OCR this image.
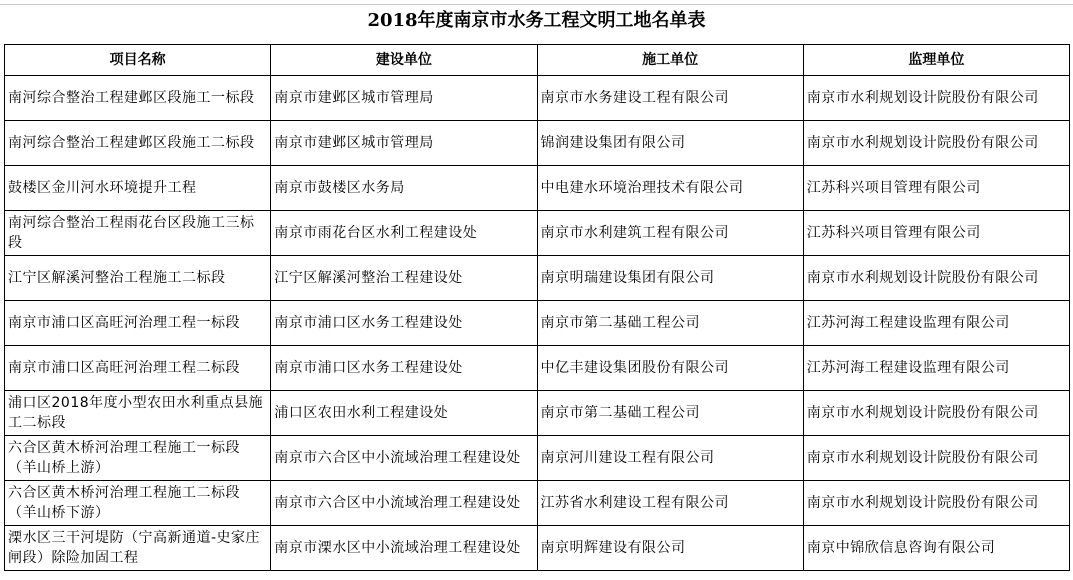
2018年度南京市水务工程文明工地名单表
项目名称	建设单位	施工单位	监理单位
南河综合整治工程建邺区段施工一标段	南京市建邺区城市管理局	南京市水务建设工程有限公司	南京市水利规划设计院股份有限公司
南河综合整治工程建邺区段施工二标段	南京市建邺区城市管理局	锦润建设集团有限公司	南京市水利规划设计院股份有限公司
鼓楼区金川河水环境提升工程	南京市鼓楼区水务局	中电建水环境治理技术有限公司	江苏科兴项目管理有限公司
南河综合整治工程雨花台区段施工三标段	南京市雨花台区水利工程建设处	南京市水利建筑工程有限公司	江苏科兴项目管理有限公司
江宁区解溪河整治工程施工二标段	江宁区解溪河整治工程建设处	南京明瑞建设集团有限公司	南京市水利规划设计院股份有限公司
南京市浦口区高旺河治理工程一标段	南京市浦口区水务工程建设处	南京市第二基础工程公司	江苏河海工程建设监理有限公司
南京市浦口区高旺河治理工程二标段	南京市浦口区水务工程建设处	中亿丰建设集团股份有限公司	江苏河海工程建设监理有限公司
浦口区2018年度小型农田水利重点县施工二标段	浦口区农田水利工程建设处	南京市第二基础工程公司	南京市水利规划设计院股份有限公司
六合区黄木桥河治理工程施工一标段（羊山桥上游）	南京市六合区中小流域治理工程建设处	南京河川建设工程有限公司	南京市水利规划设计院股份有限公司
六合区黄木桥河治理工程施工二标段（羊山桥下游）	南京市六合区中小流域治理工程建设处	江苏省水利建设工程有限公司	南京市水利规划设计院股份有限公司
溧水区三干河堤防（宁高新通道-史家庄闸段）除险加固工程	南京市溧水区中小流域治理工程建设处	南京明辉建设有限公司	南京中锦欣信息咨询有限公司
